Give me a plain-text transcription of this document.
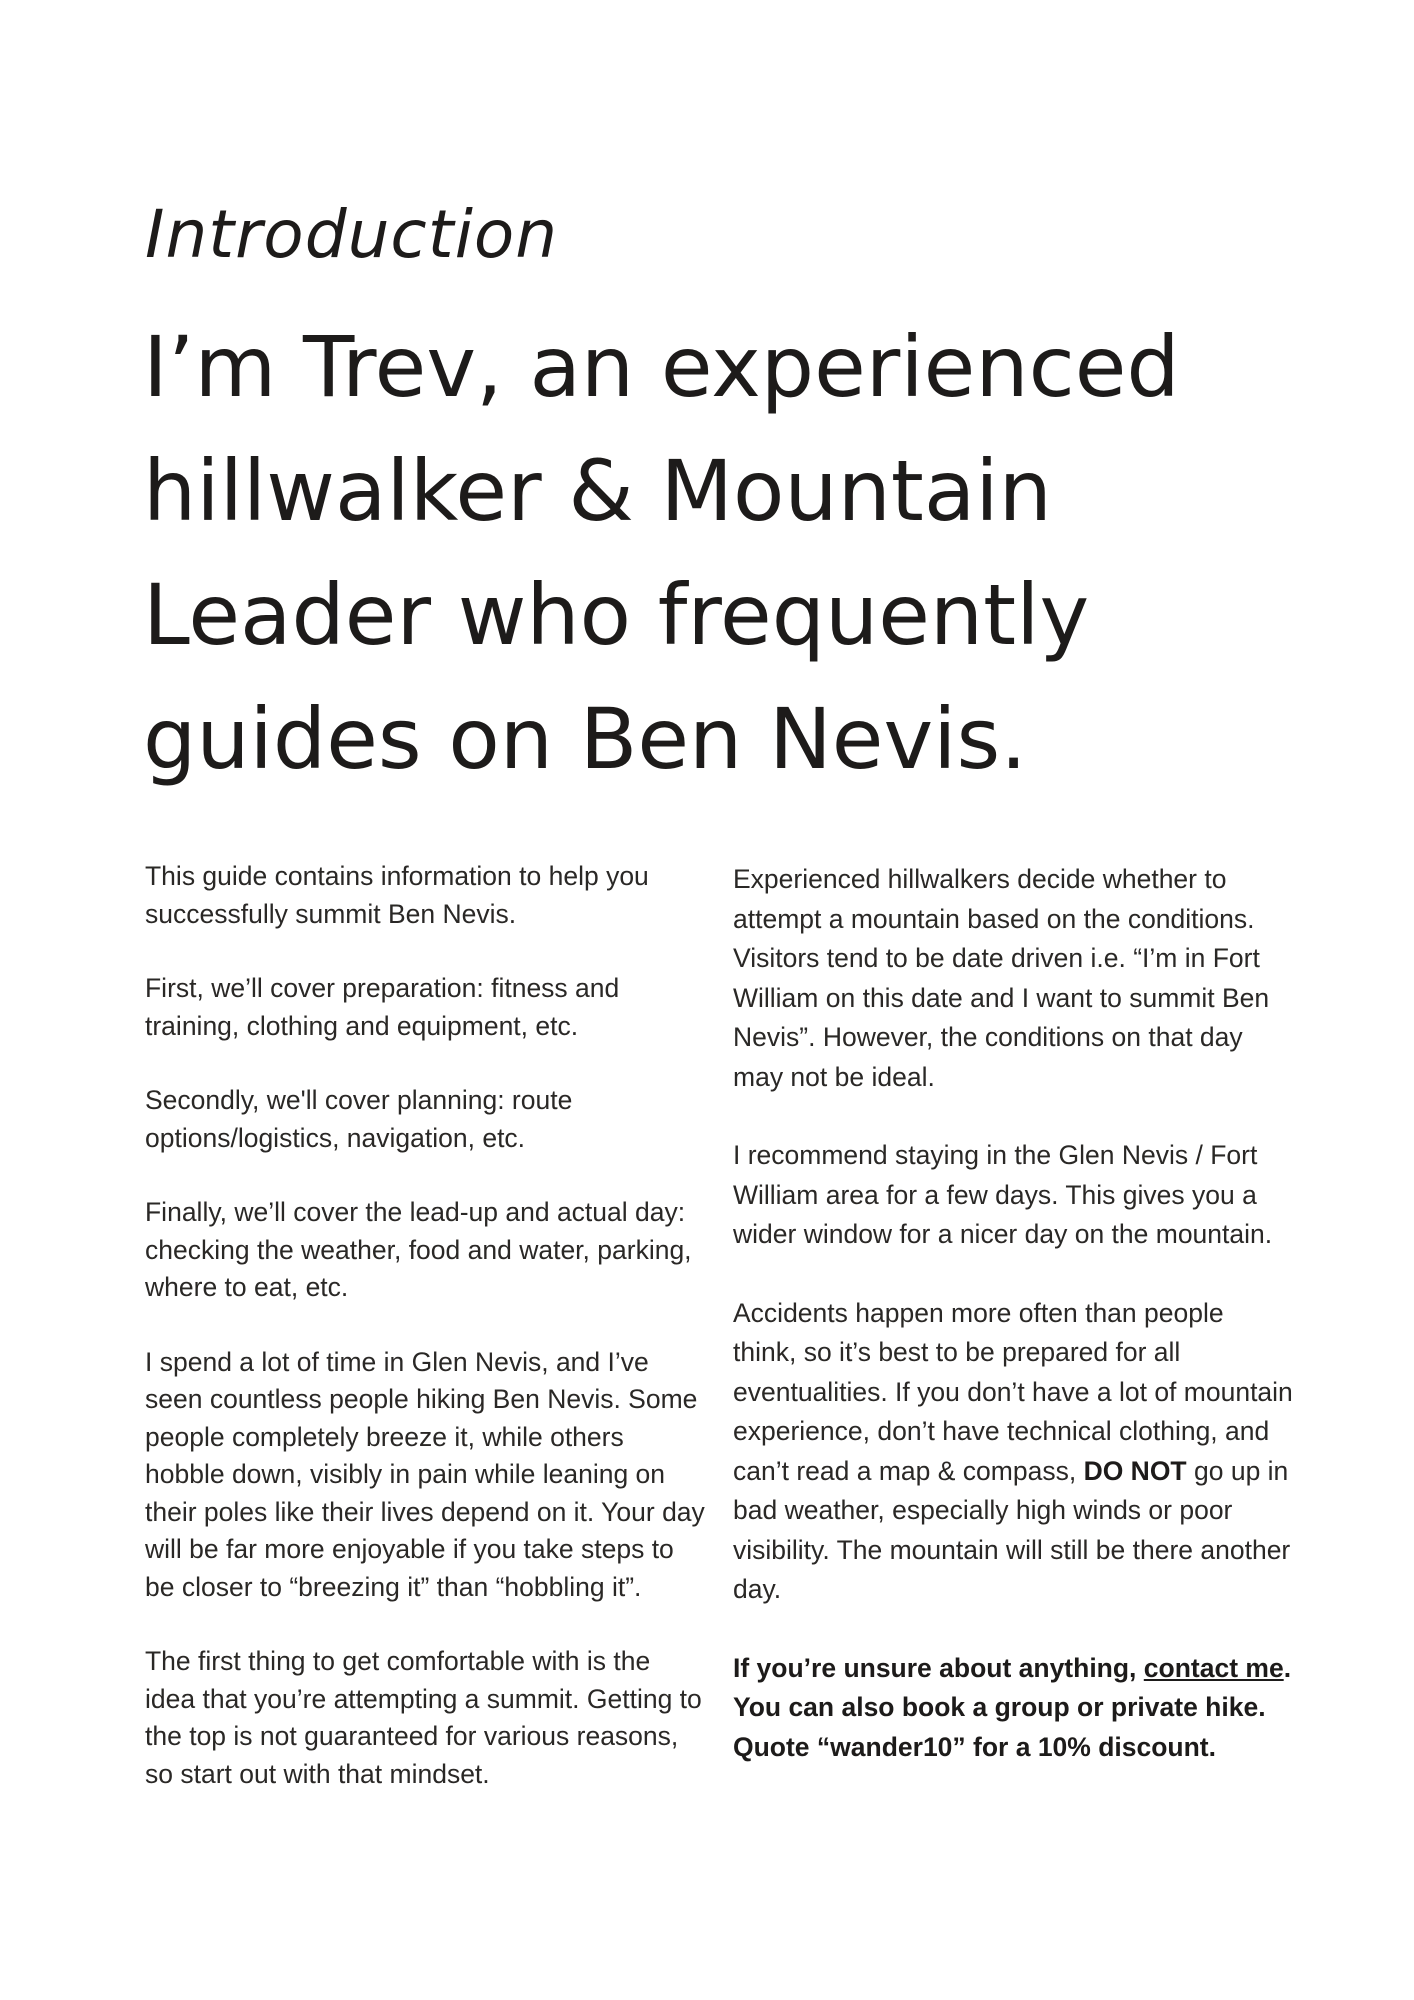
Introduction
I’m Trev, an experienced
hillwalker & Mountain
Leader who frequently
guides on Ben Nevis.

This guide contains information to help you successfully summit Ben Nevis.

First, we’ll cover preparation: fitness and training, clothing and equipment, etc.

Secondly, we'll cover planning: route options/logistics, navigation, etc.

Finally, we’ll cover the lead-up and actual day: checking the weather, food and water, parking, where to eat, etc.

I spend a lot of time in Glen Nevis, and I’ve seen countless people hiking Ben Nevis. Some people completely breeze it, while others hobble down, visibly in pain while leaning on their poles like their lives depend on it. Your day will be far more enjoyable if you take steps to be closer to “breezing it” than “hobbling it”.

The first thing to get comfortable with is the idea that you’re attempting a summit. Getting to the top is not guaranteed for various reasons, so start out with that mindset.

Experienced hillwalkers decide whether to attempt a mountain based on the conditions. Visitors tend to be date driven i.e. “I’m in Fort William on this date and I want to summit Ben Nevis”. However, the conditions on that day may not be ideal.

I recommend staying in the Glen Nevis / Fort William area for a few days. This gives you a wider window for a nicer day on the mountain.

Accidents happen more often than people think, so it’s best to be prepared for all eventualities. If you don’t have a lot of mountain experience, don’t have technical clothing, and can’t read a map & compass, DO NOT go up in bad weather, especially high winds or poor visibility. The mountain will still be there another day.

If you’re unsure about anything, contact me. You can also book a group or private hike. Quote “wander10” for a 10% discount.
